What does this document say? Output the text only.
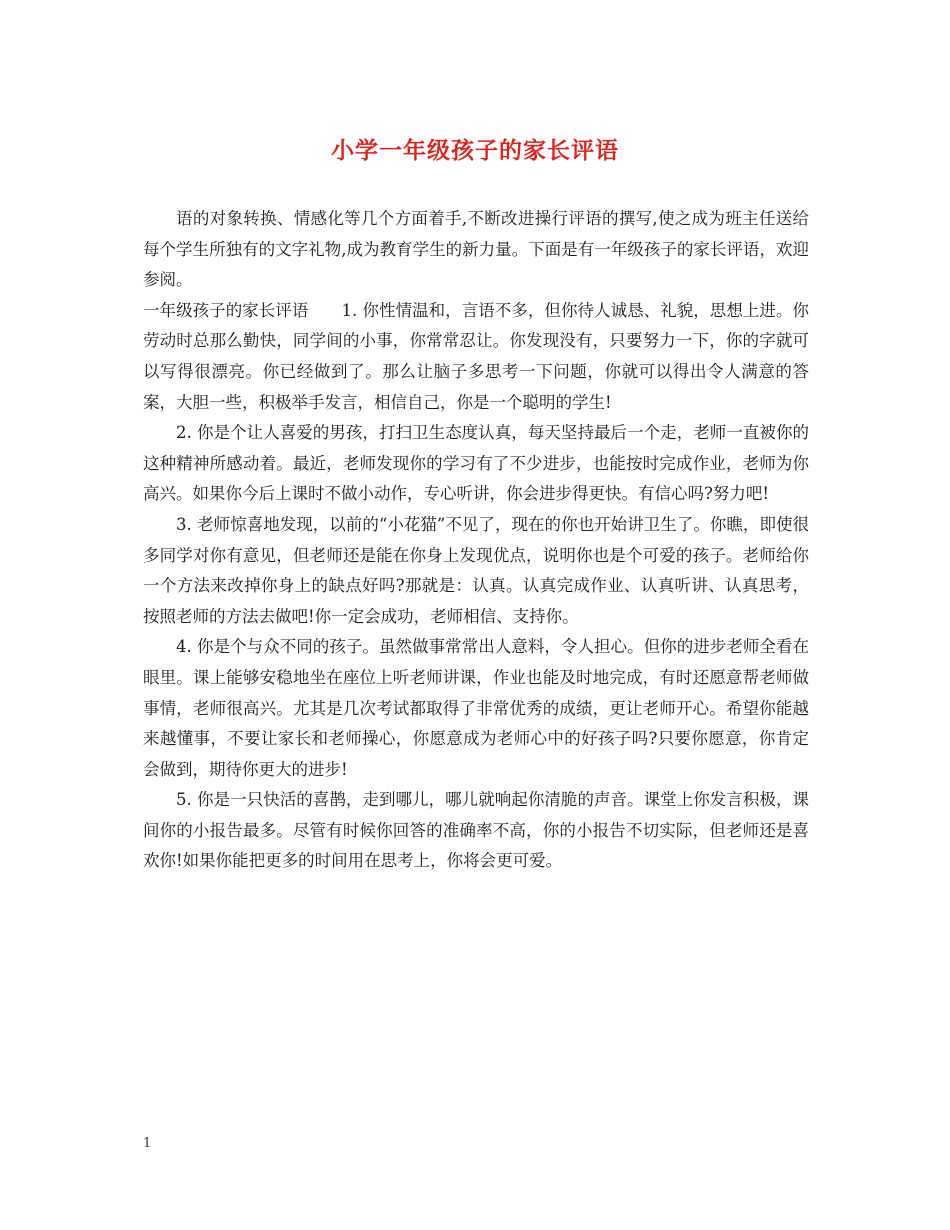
小学一年级孩子的家长评语

语的对象转换、情感化等几个方面着手,不断改进操行评语的撰写,使之成为班主任送给每个学生所独有的文字礼物,成为教育学生的新力量。下面是有一年级孩子的家长评语，欢迎参阅。

一年级孩子的家长评语　　1. 你性情温和，言语不多，但你待人诚恳、礼貌，思想上进。你劳动时总那么勤快，同学间的小事，你常常忍让。你发现没有，只要努力一下，你的字就可以写得很漂亮。你已经做到了。那么让脑子多思考一下问题，你就可以得出令人满意的答案，大胆一些，积极举手发言，相信自己，你是一个聪明的学生!

2. 你是个让人喜爱的男孩，打扫卫生态度认真，每天坚持最后一个走，老师一直被你的这种精神所感动着。最近，老师发现你的学习有了不少进步，也能按时完成作业，老师为你高兴。如果你今后上课时不做小动作，专心听讲，你会进步得更快。有信心吗?努力吧!

3. 老师惊喜地发现，以前的“小花猫”不见了，现在的你也开始讲卫生了。你瞧，即使很多同学对你有意见，但老师还是能在你身上发现优点，说明你也是个可爱的孩子。老师给你一个方法来改掉你身上的缺点好吗?那就是：认真。认真完成作业、认真听讲、认真思考，按照老师的方法去做吧!你一定会成功，老师相信、支持你。

4. 你是个与众不同的孩子。虽然做事常常出人意料，令人担心。但你的进步老师全看在眼里。课上能够安稳地坐在座位上听老师讲课，作业也能及时地完成，有时还愿意帮老师做事情，老师很高兴。尤其是几次考试都取得了非常优秀的成绩，更让老师开心。希望你能越来越懂事，不要让家长和老师操心，你愿意成为老师心中的好孩子吗?只要你愿意，你肯定会做到，期待你更大的进步!

5. 你是一只快活的喜鹊，走到哪儿，哪儿就响起你清脆的声音。课堂上你发言积极，课间你的小报告最多。尽管有时候你回答的准确率不高，你的小报告不切实际，但老师还是喜欢你!如果你能把更多的时间用在思考上，你将会更可爱。

1
